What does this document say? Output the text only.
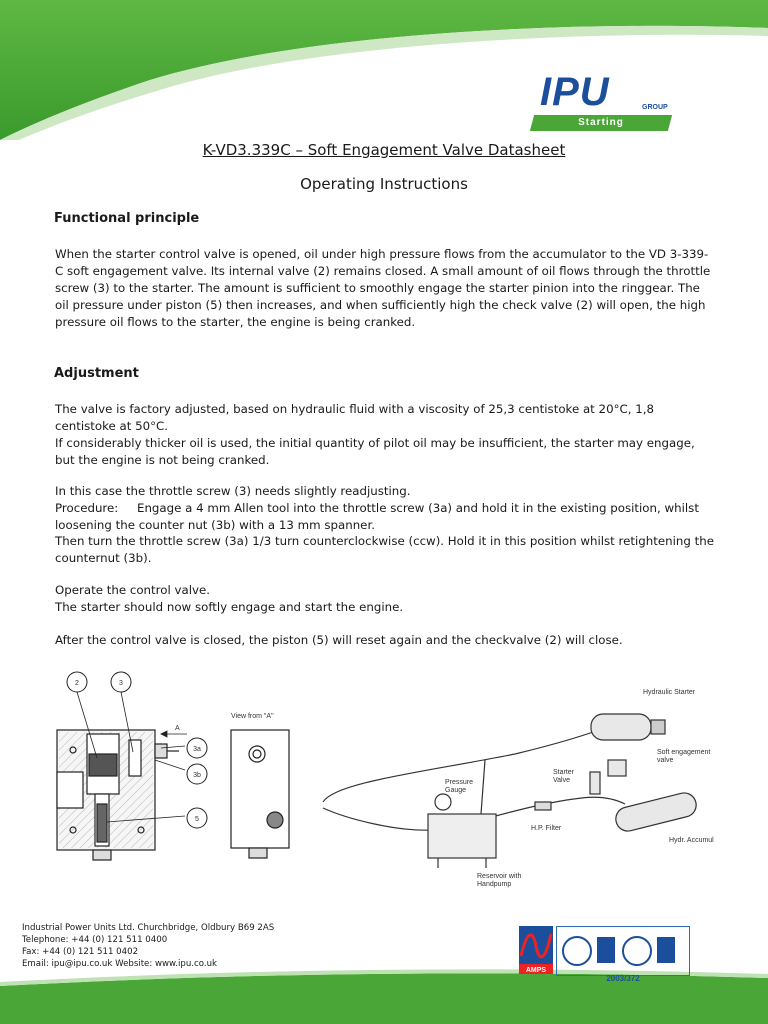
IPU	GROUP
Starting
K-VD3.339C – Soft Engagement Valve Datasheet
Operating Instructions
Functional principle

When the starter control valve is opened, oil under high pressure flows from the accumulator to the VD 3-339-C soft engagement valve. Its internal valve (2) remains closed. A small amount of oil flows through the throttle screw (3) to the starter. The amount is sufficient to smoothly engage the starter pinion into the ringgear. The oil pressure under piston (5) then increases, and when sufficiently high the check valve (2) will open, the high pressure oil flows to the starter, the engine is being cranked.

Adjustment

The valve is factory adjusted, based on hydraulic fluid with a viscosity of 25,3 centistoke at 20°C, 1,8 centistoke at 50°C.

If considerably thicker oil is used, the initial quantity of pilot oil may be insufficient, the starter may engage, but the engine is not being cranked.

In this case the throttle screw (3) needs slightly readjusting.

Procedure:     Engage a 4 mm Allen tool into the throttle screw (3a) and hold it in the existing position, whilst loosening the counter nut (3b) with a 13 mm spanner.

Then turn the throttle screw (3a) 1/3 turn counterclockwise (ccw). Hold it in this position whilst retightening the counternut (3b).

Operate the control valve.

The starter should now softly engage and start the engine.

After the control valve is closed, the piston (5) will reset again and the checkvalve (2) will close.

2	3
3a
3b
5
A
View from "A"
Hydraulic Starter
Soft engagement
valve
Starter
Valve
Pressure
Gauge
H.P. Filter
Hydr. Accumul
Reservoir with
Handpump
Industrial Power Units Ltd. Churchbridge, Oldbury B69 2AS
Telephone: +44 (0) 121 511 0400
Fax: +44 (0) 121 511 0402
Email: ipu@ipu.co.uk Website: www.ipu.co.uk
AMPS
2003/372
